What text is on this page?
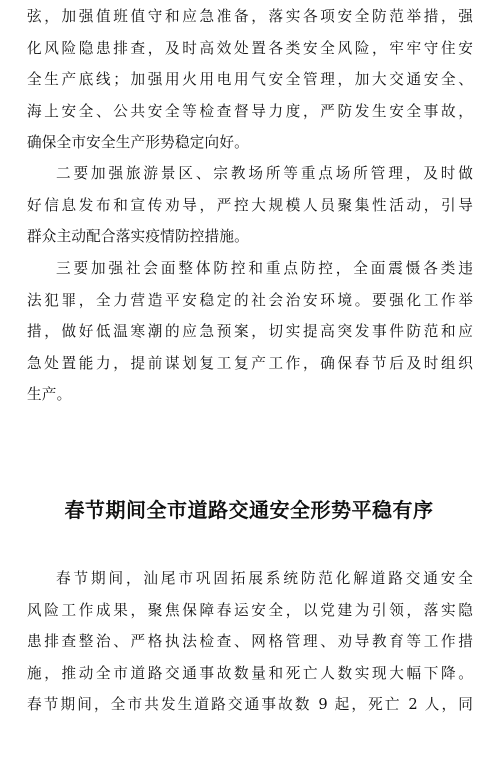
弦，加强值班值守和应急准备，落实各项安全防范举措，强
化风险隐患排查，及时高效处置各类安全风险，牢牢守住安
全生产底线；加强用火用电用气安全管理，加大交通安全、
海上安全、公共安全等检查督导力度，严防发生安全事故，
确保全市安全生产形势稳定向好。
二要加强旅游景区、宗教场所等重点场所管理，及时做
好信息发布和宣传劝导，严控大规模人员聚集性活动，引导
群众主动配合落实疫情防控措施。
三要加强社会面整体防控和重点防控，全面震慑各类违
法犯罪，全力营造平安稳定的社会治安环境。要强化工作举
措，做好低温寒潮的应急预案，切实提高突发事件防范和应
急处置能力，提前谋划复工复产工作，确保春节后及时组织
生产。
春节期间全市道路交通安全形势平稳有序
春节期间，汕尾市巩固拓展系统防范化解道路交通安全
风险工作成果，聚焦保障春运安全，以党建为引领，落实隐
患排查整治、严格执法检查、网格管理、劝导教育等工作措
施，推动全市道路交通事故数量和死亡人数实现大幅下降。
春节期间，全市共发生道路交通事故数 9 起，死亡 2 人，同
